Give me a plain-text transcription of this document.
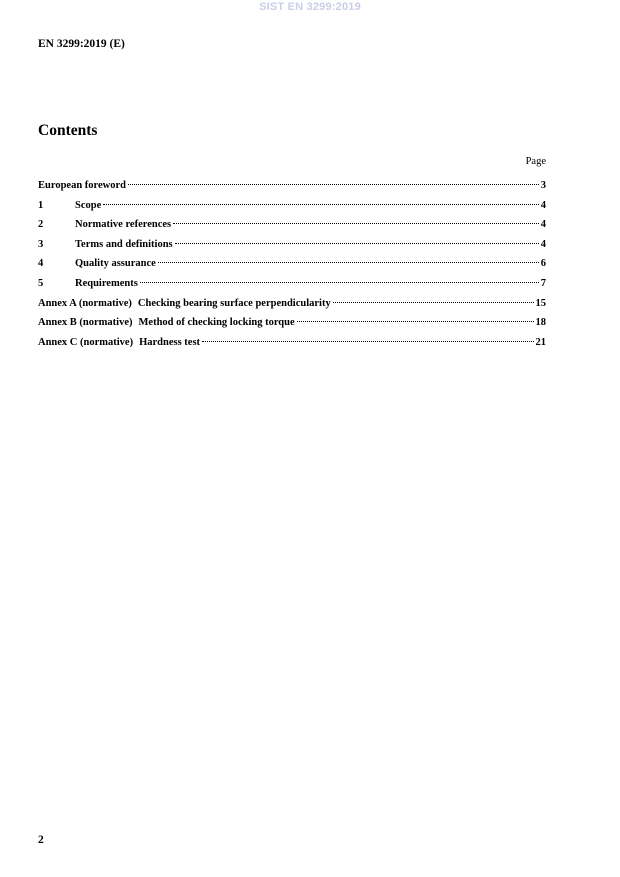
SIST EN 3299:2019
EN 3299:2019 (E)
Contents
Page
European foreword	3
1	Scope	4
2	Normative references	4
3	Terms and definitions	4
4	Quality assurance	6
5	Requirements	7
Annex A (normative) Checking bearing surface perpendicularity	15
Annex B (normative) Method of checking locking torque	18
Annex C (normative) Hardness test	21
2
